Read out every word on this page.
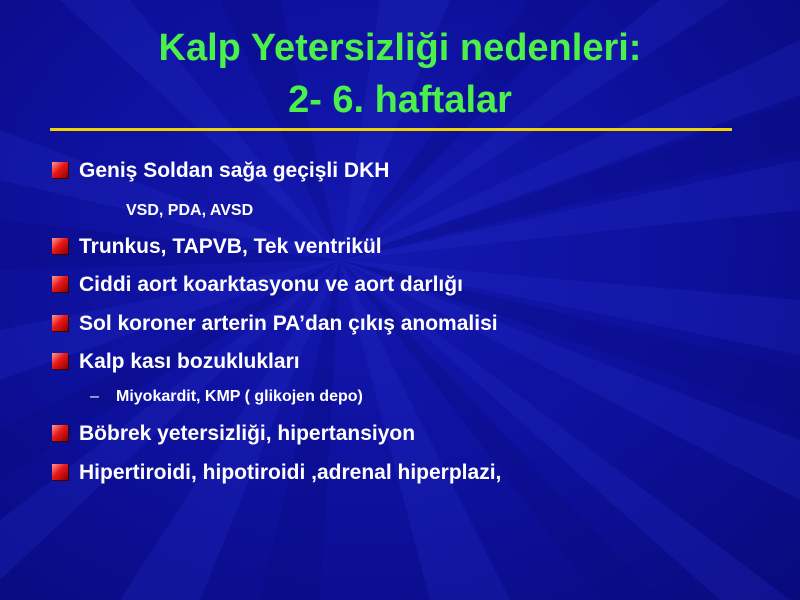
Kalp Yetersizliği nedenleri:
2- 6. haftalar
Geniş Soldan sağa geçişli DKH
VSD, PDA, AVSD
Trunkus, TAPVB, Tek ventrikül
Ciddi aort koarktasyonu ve aort darlığı
Sol koroner arterin PA’dan çıkış anomalisi
Kalp kası bozuklukları
– Miyokardit, KMP ( glikojen depo)
Böbrek yetersizliği, hipertansiyon
Hipertiroidi, hipotiroidi ,adrenal hiperplazi,
